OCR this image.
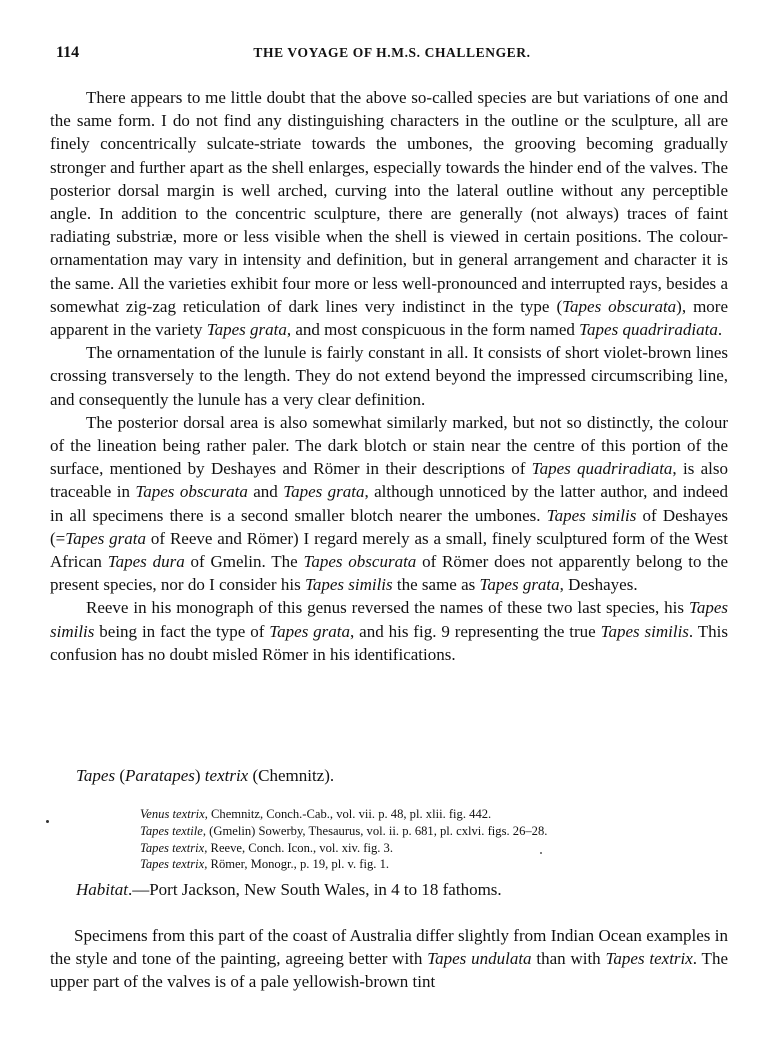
114	THE VOYAGE OF H.M.S. CHALLENGER.

There appears to me little doubt that the above so-called species are but variations of one and the same form. I do not find any distinguishing characters in the outline or the sculpture, all are finely concentrically sulcate-striate towards the umbones, the grooving becoming gradually stronger and further apart as the shell enlarges, especially towards the hinder end of the valves. The posterior dorsal margin is well arched, curving into the lateral outline without any perceptible angle. In addition to the concentric sculpture, there are generally (not always) traces of faint radiating substriæ, more or less visible when the shell is viewed in certain positions. The colour-ornamentation may vary in intensity and definition, but in general arrangement and character it is the same. All the varieties exhibit four more or less well-pronounced and interrupted rays, besides a somewhat zig-zag reticulation of dark lines very indistinct in the type (Tapes obscurata), more apparent in the variety Tapes grata, and most conspicuous in the form named Tapes quadriradiata.

The ornamentation of the lunule is fairly constant in all. It consists of short violet-brown lines crossing transversely to the length. They do not extend beyond the impressed circumscribing line, and consequently the lunule has a very clear definition.

The posterior dorsal area is also somewhat similarly marked, but not so distinctly, the colour of the lineation being rather paler. The dark blotch or stain near the centre of this portion of the surface, mentioned by Deshayes and Römer in their descriptions of Tapes quadriradiata, is also traceable in Tapes obscurata and Tapes grata, although unnoticed by the latter author, and indeed in all specimens there is a second smaller blotch nearer the umbones. Tapes similis of Deshayes (=Tapes grata of Reeve and Römer) I regard merely as a small, finely sculptured form of the West African Tapes dura of Gmelin. The Tapes obscurata of Römer does not apparently belong to the present species, nor do I consider his Tapes similis the same as Tapes grata, Deshayes.

Reeve in his monograph of this genus reversed the names of these two last species, his Tapes similis being in fact the type of Tapes grata, and his fig. 9 representing the true Tapes similis. This confusion has no doubt misled Römer in his identifications.

Tapes (Paratapes) textrix (Chemnitz).
Venus textrix, Chemnitz, Conch.-Cab., vol. vii. p. 48, pl. xlii. fig. 442.
Tapes textile, (Gmelin) Sowerby, Thesaurus, vol. ii. p. 681, pl. cxlvi. figs. 26–28.
Tapes textrix, Reeve, Conch. Icon., vol. xiv. fig. 3.
Tapes textrix, Römer, Monogr., p. 19, pl. v. fig. 1.
Habitat.—Port Jackson, New South Wales, in 4 to 18 fathoms.

Specimens from this part of the coast of Australia differ slightly from Indian Ocean examples in the style and tone of the painting, agreeing better with Tapes undulata than with Tapes textrix. The upper part of the valves is of a pale yellowish-brown tint
